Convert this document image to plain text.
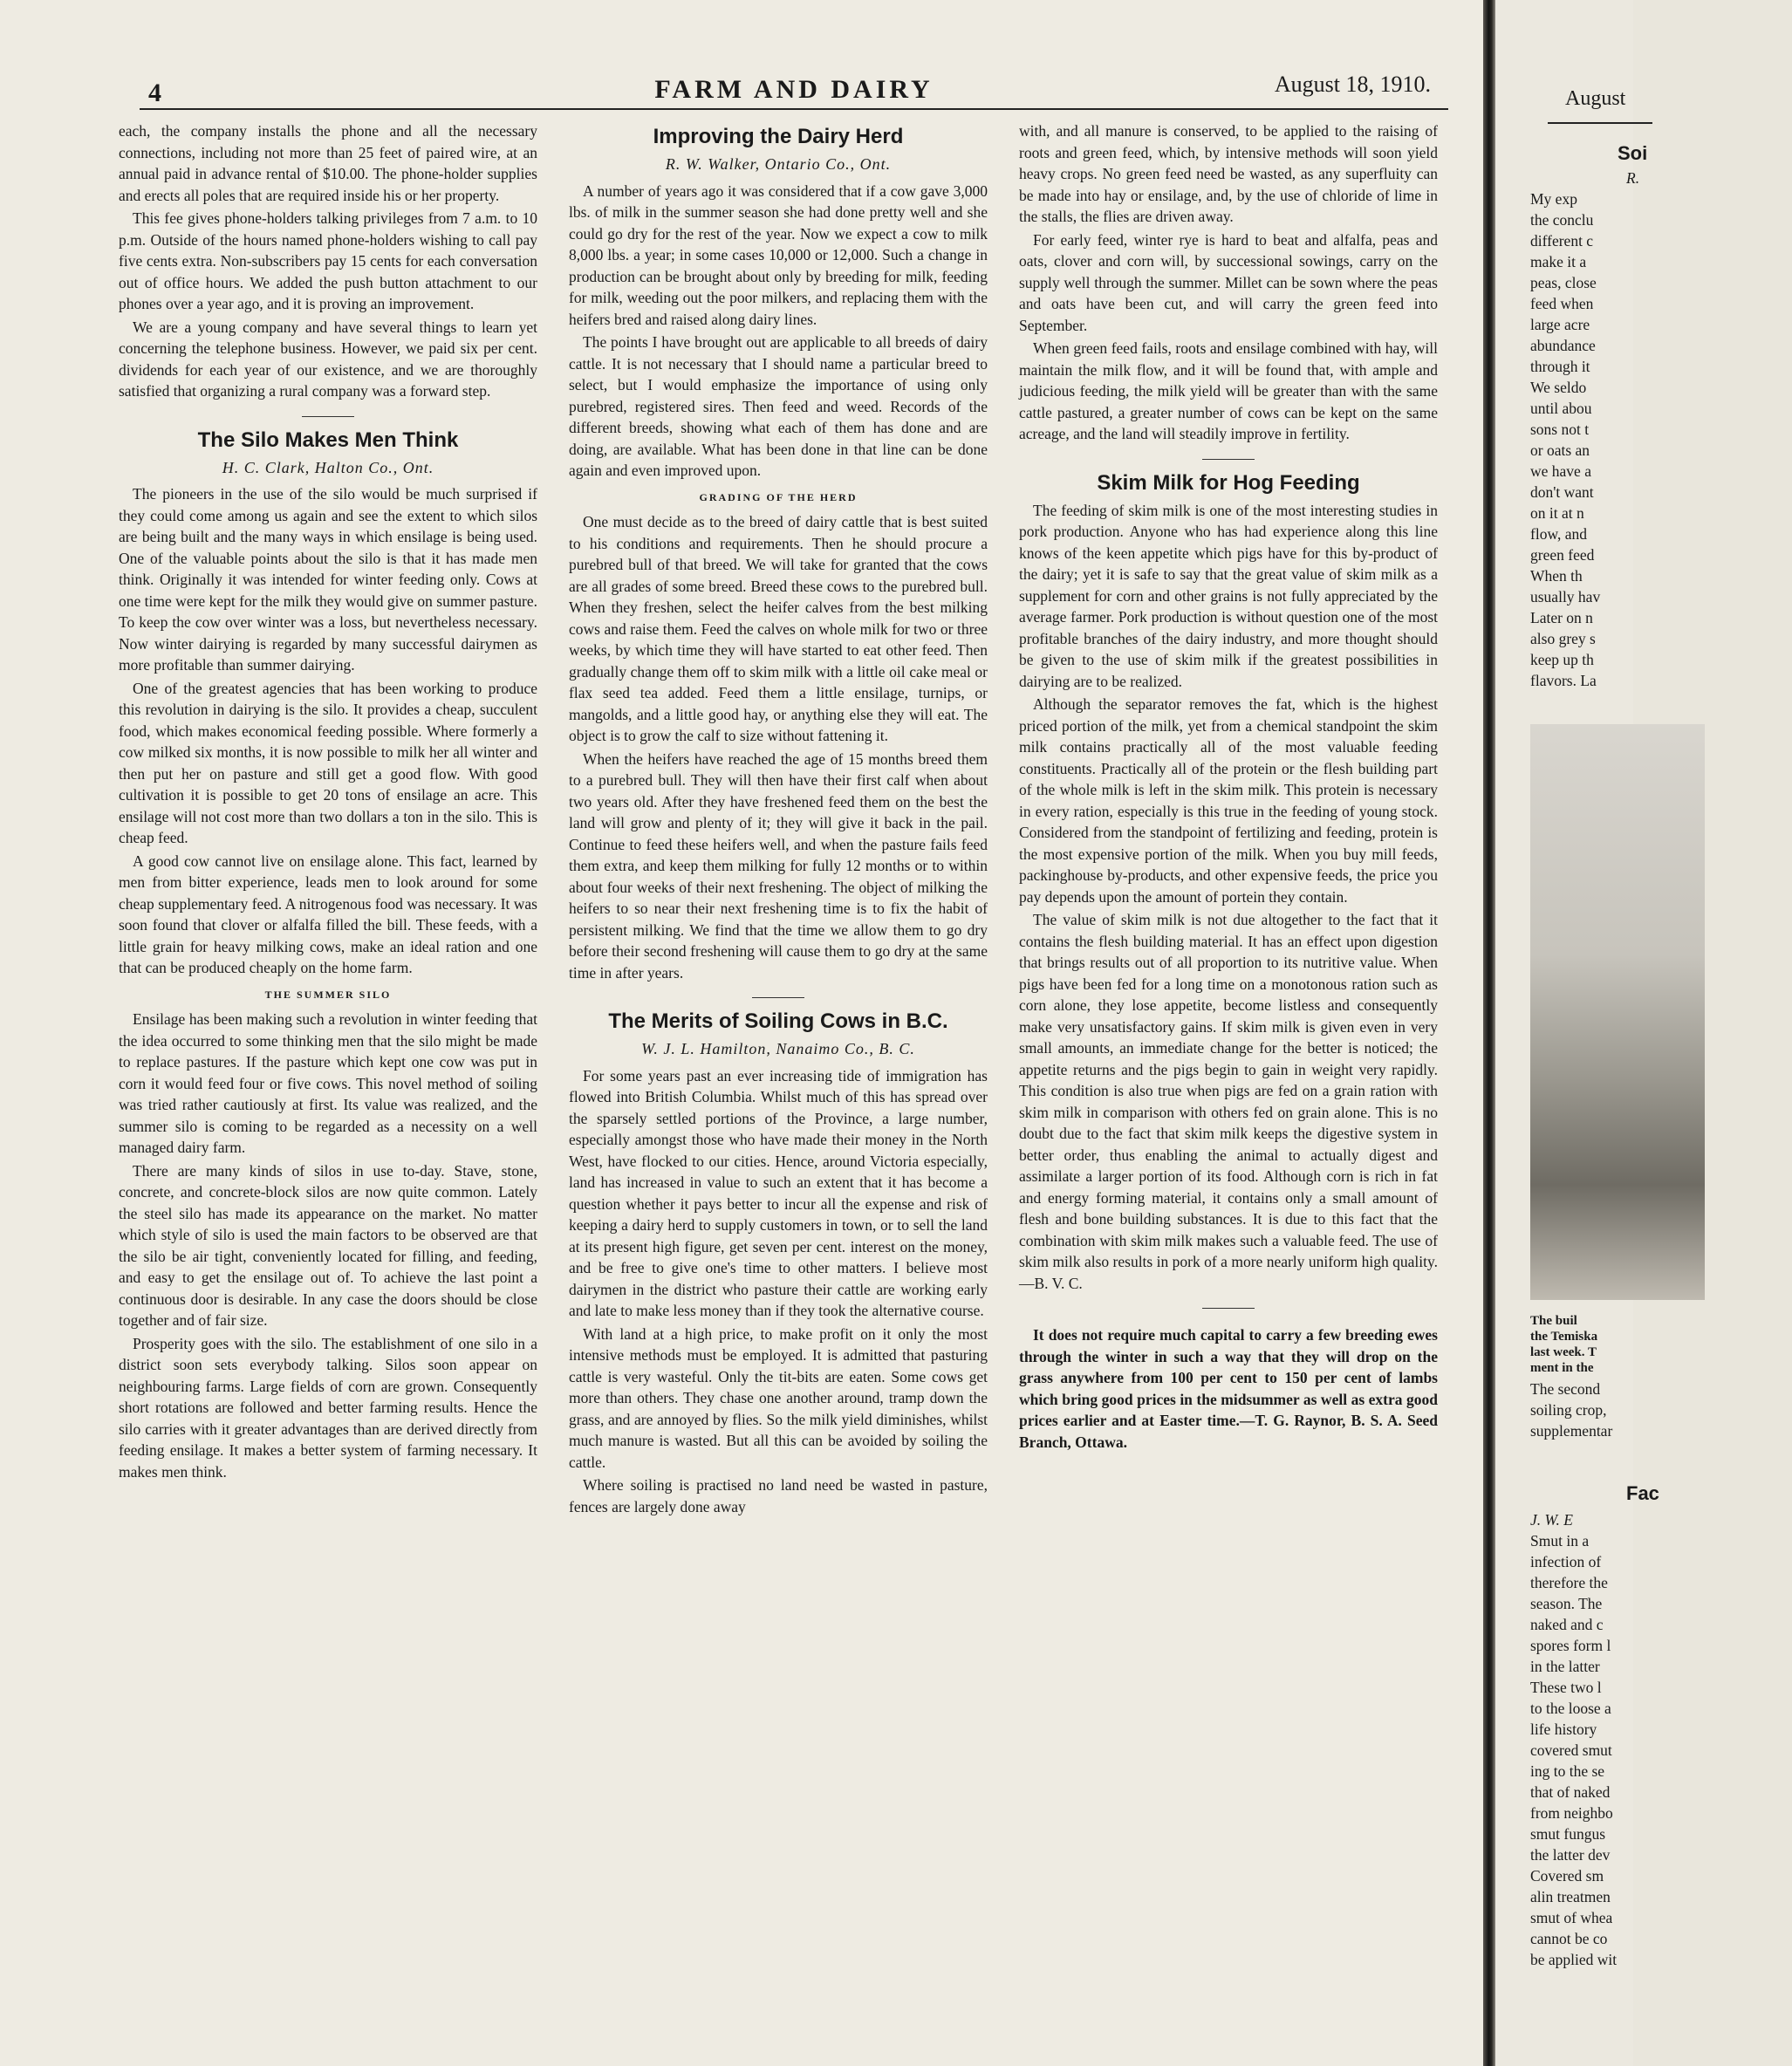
4	FARM AND DAIRY	August 18, 1910.

each, the company installs the phone and all the necessary connections, including not more than 25 feet of paired wire, at an annual paid in advance rental of $10.00. The phone-holder supplies and erects all poles that are required inside his or her property.

This fee gives phone-holders talking privileges from 7 a.m. to 10 p.m. Outside of the hours named phone-holders wishing to call pay five cents extra. Non-subscribers pay 15 cents for each conversation out of office hours. We added the push button attachment to our phones over a year ago, and it is proving an improvement.

We are a young company and have several things to learn yet concerning the telephone business. However, we paid six per cent. dividends for each year of our existence, and we are thoroughly satisfied that organizing a rural company was a forward step.

The Silo Makes Men Think
H. C. Clark, Halton Co., Ont.

The pioneers in the use of the silo would be much surprised if they could come among us again and see the extent to which silos are being built and the many ways in which ensilage is being used. One of the valuable points about the silo is that it has made men think. Originally it was intended for winter feeding only. Cows at one time were kept for the milk they would give on summer pasture. To keep the cow over winter was a loss, but nevertheless necessary. Now winter dairying is regarded by many successful dairymen as more profitable than summer dairying.

One of the greatest agencies that has been working to produce this revolution in dairying is the silo. It provides a cheap, succulent food, which makes economical feeding possible. Where formerly a cow milked six months, it is now possible to milk her all winter and then put her on pasture and still get a good flow. With good cultivation it is possible to get 20 tons of ensilage an acre. This ensilage will not cost more than two dollars a ton in the silo. This is cheap feed.

A good cow cannot live on ensilage alone. This fact, learned by men from bitter experience, leads men to look around for some cheap supplementary feed. A nitrogenous food was necessary. It was soon found that clover or alfalfa filled the bill. These feeds, with a little grain for heavy milking cows, make an ideal ration and one that can be produced cheaply on the home farm.

THE SUMMER SILO

Ensilage has been making such a revolution in winter feeding that the idea occurred to some thinking men that the silo might be made to replace pastures. If the pasture which kept one cow was put in corn it would feed four or five cows. This novel method of soiling was tried rather cautiously at first. Its value was realized, and the summer silo is coming to be regarded as a necessity on a well managed dairy farm.

There are many kinds of silos in use to-day. Stave, stone, concrete, and concrete-block silos are now quite common. Lately the steel silo has made its appearance on the market. No matter which style of silo is used the main factors to be observed are that the silo be air tight, conveniently located for filling, and feeding, and easy to get the ensilage out of. To achieve the last point a continuous door is desirable. In any case the doors should be close together and of fair size.

Prosperity goes with the silo. The establishment of one silo in a district soon sets everybody talking. Silos soon appear on neighbouring farms. Large fields of corn are grown. Consequently short rotations are followed and better farming results. Hence the silo carries with it greater advantages than are derived directly from feeding ensilage. It makes a better system of farming necessary. It makes men think.

Improving the Dairy Herd
R. W. Walker, Ontario Co., Ont.

A number of years ago it was considered that if a cow gave 3,000 lbs. of milk in the summer season she had done pretty well and she could go dry for the rest of the year. Now we expect a cow to milk 8,000 lbs. a year; in some cases 10,000 or 12,000. Such a change in production can be brought about only by breeding for milk, feeding for milk, weeding out the poor milkers, and replacing them with the heifers bred and raised along dairy lines.

The points I have brought out are applicable to all breeds of dairy cattle. It is not necessary that I should name a particular breed to select, but I would emphasize the importance of using only purebred, registered sires. Then feed and weed. Records of the different breeds, showing what each of them has done and are doing, are available. What has been done in that line can be done again and even improved upon.

GRADING OF THE HERD

One must decide as to the breed of dairy cattle that is best suited to his conditions and requirements. Then he should procure a purebred bull of that breed. We will take for granted that the cows are all grades of some breed. Breed these cows to the purebred bull. When they freshen, select the heifer calves from the best milking cows and raise them. Feed the calves on whole milk for two or three weeks, by which time they will have started to eat other feed. Then gradually change them off to skim milk with a little oil cake meal or flax seed tea added. Feed them a little ensilage, turnips, or mangolds, and a little good hay, or anything else they will eat. The object is to grow the calf to size without fattening it.

When the heifers have reached the age of 15 months breed them to a purebred bull. They will then have their first calf when about two years old. After they have freshened feed them on the best the land will grow and plenty of it; they will give it back in the pail. Continue to feed these heifers well, and when the pasture fails feed them extra, and keep them milking for fully 12 months or to within about four weeks of their next freshening. The object of milking the heifers to so near their next freshening time is to fix the habit of persistent milking. We find that the time we allow them to go dry before their second freshening will cause them to go dry at the same time in after years.

The Merits of Soiling Cows in B.C.
W. J. L. Hamilton, Nanaimo Co., B. C.

For some years past an ever increasing tide of immigration has flowed into British Columbia. Whilst much of this has spread over the sparsely settled portions of the Province, a large number, especially amongst those who have made their money in the North West, have flocked to our cities. Hence, around Victoria especially, land has increased in value to such an extent that it has become a question whether it pays better to incur all the expense and risk of keeping a dairy herd to supply customers in town, or to sell the land at its present high figure, get seven per cent. interest on the money, and be free to give one's time to other matters. I believe most dairymen in the district who pasture their cattle are working early and late to make less money than if they took the alternative course.

With land at a high price, to make profit on it only the most intensive methods must be employed. It is admitted that pasturing cattle is very wasteful. Only the tit-bits are eaten. Some cows get more than others. They chase one another around, tramp down the grass, and are annoyed by flies. So the milk yield diminishes, whilst much manure is wasted. But all this can be avoided by soiling the cattle.

Where soiling is practised no land need be wasted in pasture, fences are largely done away

with, and all manure is conserved, to be applied to the raising of roots and green feed, which, by intensive methods will soon yield heavy crops. No green feed need be wasted, as any superfluity can be made into hay or ensilage, and, by the use of chloride of lime in the stalls, the flies are driven away.

For early feed, winter rye is hard to beat and alfalfa, peas and oats, clover and corn will, by successional sowings, carry on the supply well through the summer. Millet can be sown where the peas and oats have been cut, and will carry the green feed into September.

When green feed fails, roots and ensilage combined with hay, will maintain the milk flow, and it will be found that, with ample and judicious feeding, the milk yield will be greater than with the same cattle pastured, a greater number of cows can be kept on the same acreage, and the land will steadily improve in fertility.

Skim Milk for Hog Feeding

The feeding of skim milk is one of the most interesting studies in pork production. Anyone who has had experience along this line knows of the keen appetite which pigs have for this by-product of the dairy; yet it is safe to say that the great value of skim milk as a supplement for corn and other grains is not fully appreciated by the average farmer. Pork production is without question one of the most profitable branches of the dairy industry, and more thought should be given to the use of skim milk if the greatest possibilities in dairying are to be realized.

Although the separator removes the fat, which is the highest priced portion of the milk, yet from a chemical standpoint the skim milk contains practically all of the most valuable feeding constituents. Practically all of the protein or the flesh building part of the whole milk is left in the skim milk. This protein is necessary in every ration, especially is this true in the feeding of young stock. Considered from the standpoint of fertilizing and feeding, protein is the most expensive portion of the milk. When you buy mill feeds, packinghouse by-products, and other expensive feeds, the price you pay depends upon the amount of portein they contain.

The value of skim milk is not due altogether to the fact that it contains the flesh building material. It has an effect upon digestion that brings results out of all proportion to its nutritive value. When pigs have been fed for a long time on a monotonous ration such as corn alone, they lose appetite, become listless and consequently make very unsatisfactory gains. If skim milk is given even in very small amounts, an immediate change for the better is noticed; the appetite returns and the pigs begin to gain in weight very rapidly. This condition is also true when pigs are fed on a grain ration with skim milk in comparison with others fed on grain alone. This is no doubt due to the fact that skim milk keeps the digestive system in better order, thus enabling the animal to actually digest and assimilate a larger portion of its food. Although corn is rich in fat and energy forming material, it contains only a small amount of flesh and bone building substances. It is due to this fact that the combination with skim milk makes such a valuable feed. The use of skim milk also results in pork of a more nearly uniform high quality.—B. V. C.

It does not require much capital to carry a few breeding ewes through the winter in such a way that they will drop on the grass anywhere from 100 per cent to 150 per cent of lambs which bring good prices in the midsummer as well as extra good prices earlier and at Easter time.—T. G. Raynor, B. S. A. Seed Branch, Ottawa.

August
Soi
R.
My exp
the conclu
different c
make it a
peas, close
feed when
large acre
abundance
through it
We seldo
until abou
sons not t
or oats an
we have a
don't want
on it at n
flow, and
green feed
When th
usually hav
Later on n
also grey s
keep up th
flavors. La
The buil
the Temiska
last week. T
ment in the
The second
soiling crop,
supplementar
Fac
J. W. E
Smut in a
infection of
therefore the
season. The
naked and c
spores form l
in the latter
These two l
to the loose a
life history
covered smut
ing to the se
that of naked
from neighbo
smut fungus
the latter dev
Covered sm
alin treatmen
smut of whea
cannot be co
be applied wit
